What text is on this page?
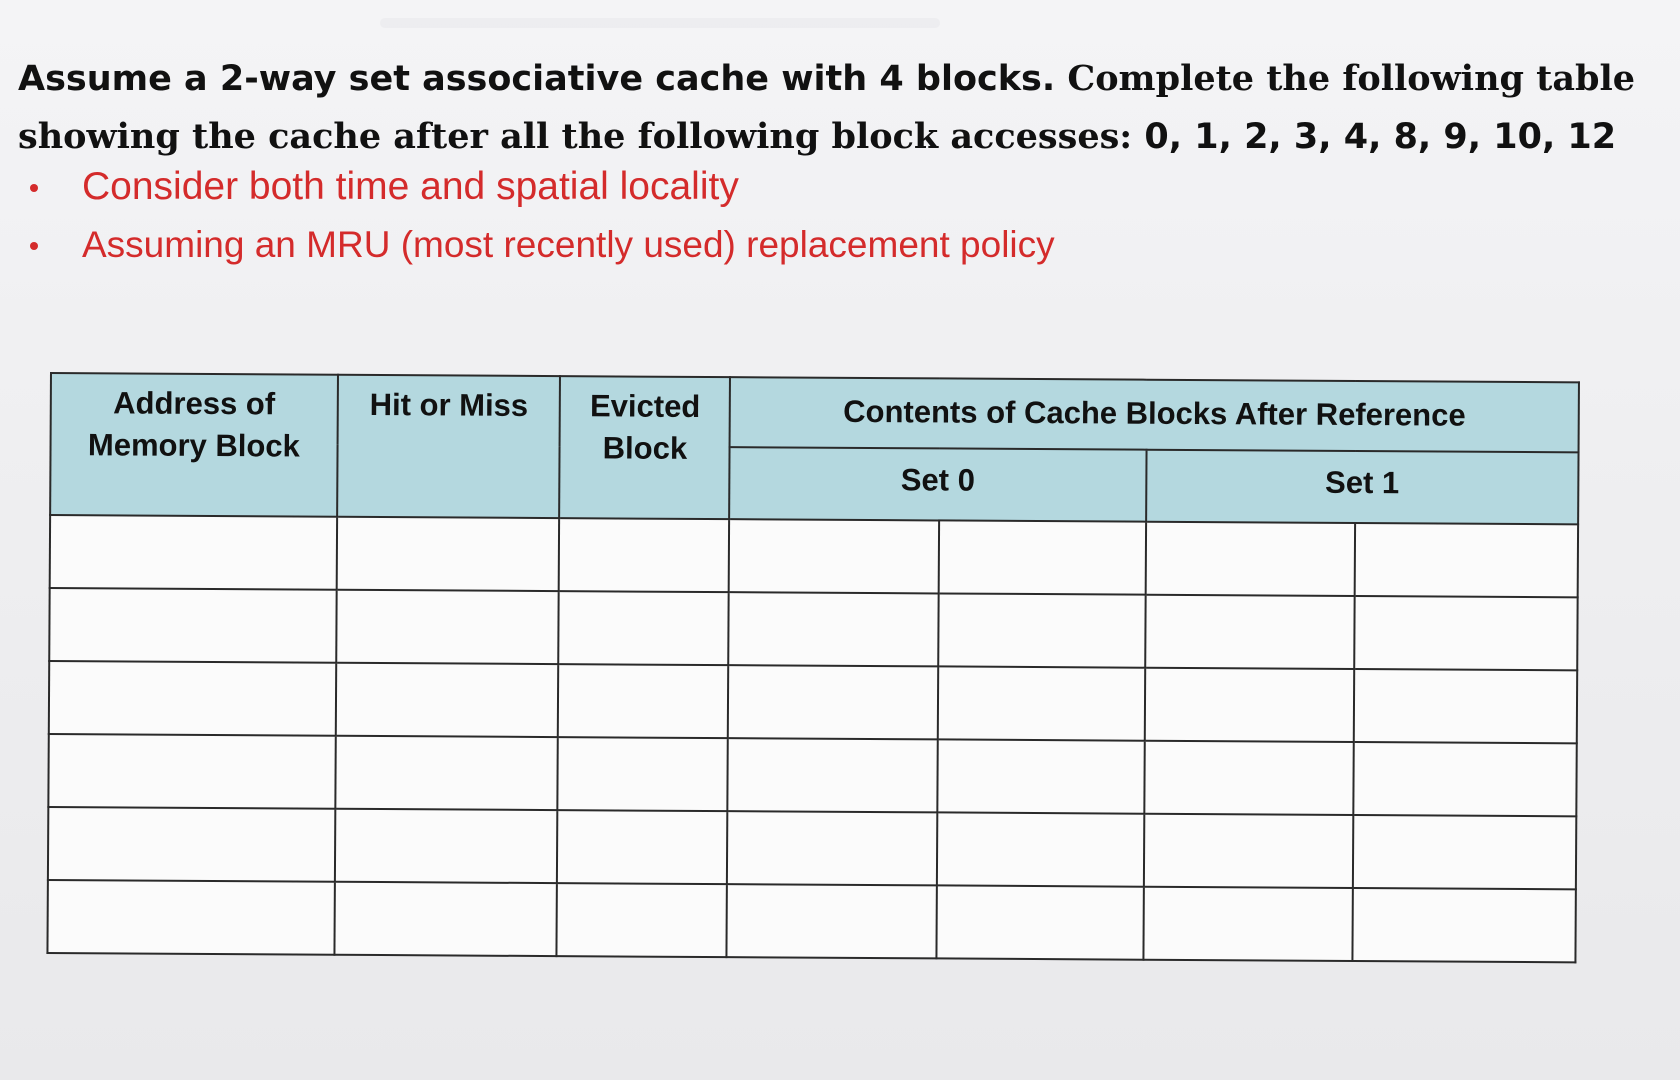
Assume a 2-way set associative cache with 4 blocks. Complete the following table
showing the cache after all the following block accesses: 0, 1, 2, 3, 4, 8, 9, 10, 12
Consider both time and spatial locality
Assuming an MRU (most recently used) replacement policy
Address of Memory Block	Hit or Miss	Evicted Block	Contents of Cache Blocks After Reference			
			Set 0		Set 1	
